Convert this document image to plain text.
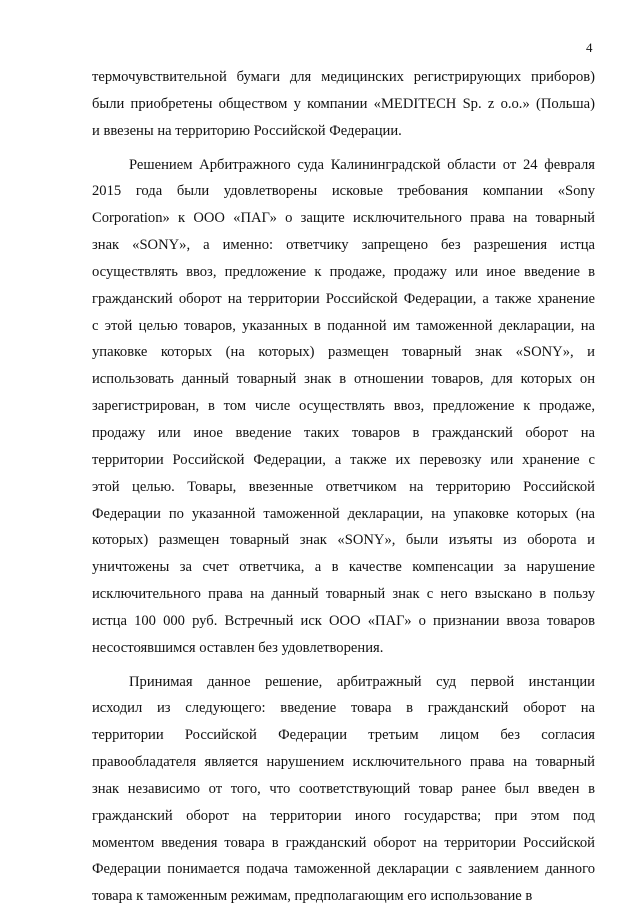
4
термочувствительной бумаги для медицинских регистрирующих приборов)
были приобретены обществом у компании «MEDITECH Sp. z o.o.» (Польша)
и ввезены на территорию Российской Федерации.
Решением Арбитражного суда Калининградской области от 24 февраля
2015 года были удовлетворены исковые требования компании «Sony
Corporation» к ООО «ПАГ» о защите исключительного права на товарный
знак «SONY», а именно: ответчику запрещено без разрешения истца
осуществлять ввоз, предложение к продаже, продажу или иное введение в
гражданский оборот на территории Российской Федерации, а также хранение
с этой целью товаров, указанных в поданной им таможенной декларации, на
упаковке которых (на которых) размещен товарный знак «SONY», и
использовать данный товарный знак в отношении товаров, для которых он
зарегистрирован, в том числе осуществлять ввоз, предложение к продаже,
продажу или иное введение таких товаров в гражданский оборот на
территории Российской Федерации, а также их перевозку или хранение с
этой целью. Товары, ввезенные ответчиком на территорию Российской
Федерации по указанной таможенной декларации, на упаковке которых (на
которых) размещен товарный знак «SONY», были изъяты из оборота и
уничтожены за счет ответчика, а в качестве компенсации за нарушение
исключительного права на данный товарный знак с него взыскано в пользу
истца 100 000 руб. Встречный иск ООО «ПАГ» о признании ввоза товаров
несостоявшимся оставлен без удовлетворения.
Принимая данное решение, арбитражный суд первой инстанции
исходил из следующего: введение товара в гражданский оборот на
территории Российской Федерации третьим лицом без согласия
правообладателя является нарушением исключительного права на товарный
знак независимо от того, что соответствующий товар ранее был введен в
гражданский оборот на территории иного государства; при этом под
моментом введения товара в гражданский оборот на территории Российской
Федерации понимается подача таможенной декларации с заявлением данного
товара к таможенным режимам, предполагающим его использование в
